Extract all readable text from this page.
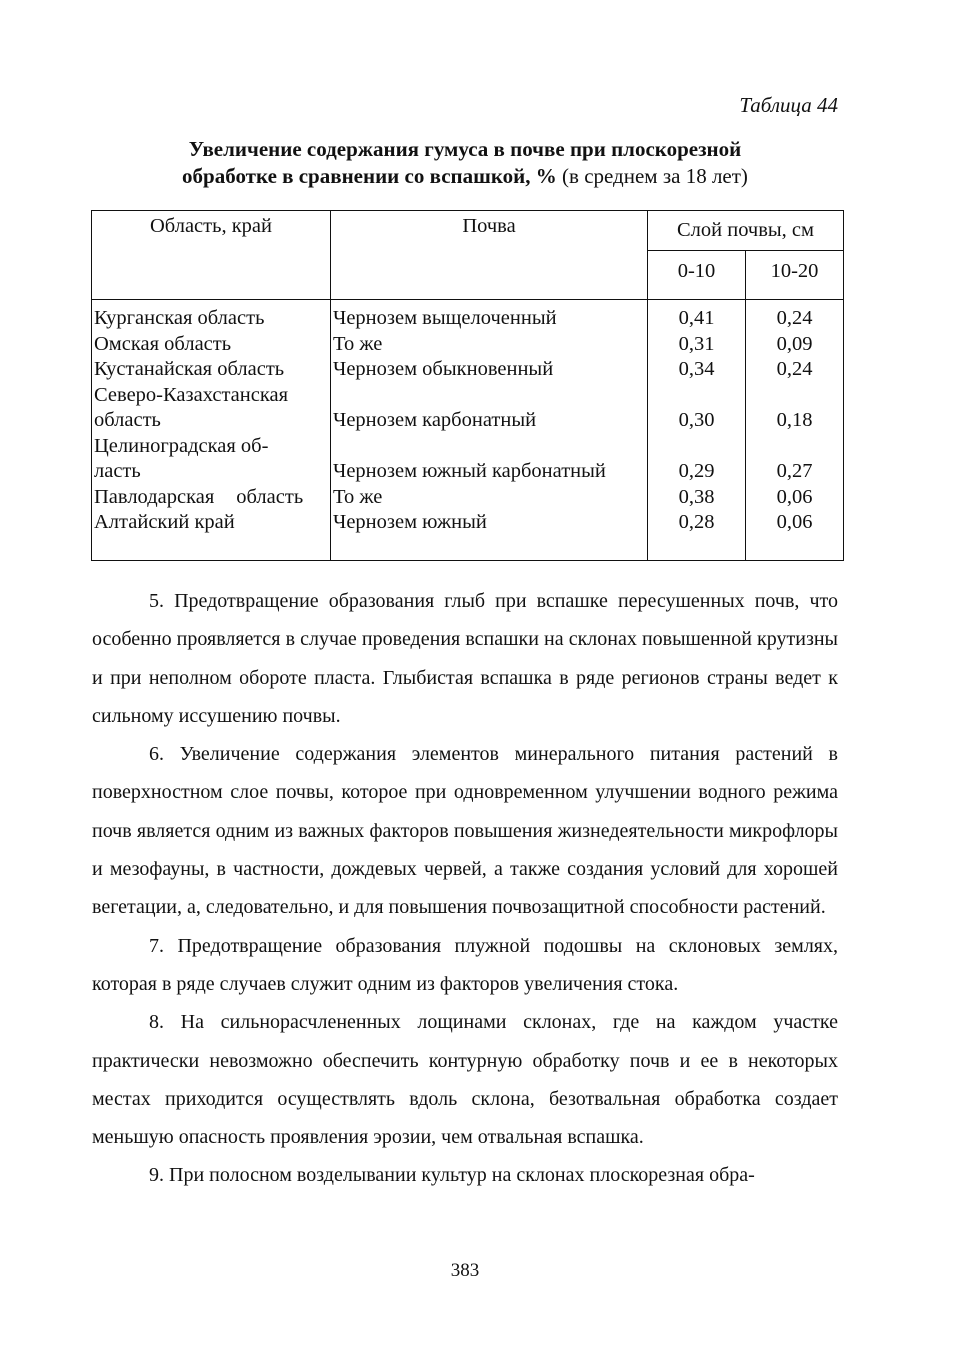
Таблица 44
Увеличение содержания гумуса в почве при плоскорезной обработке в сравнении со вспашкой, % (в среднем за 18 лет)
Область, край	Почва	Слой почвы, см	
		0-10	10-20

Курганская область	Чернозем выщелоченный	0,41	0,24

Омская область	То же	0,31	0,09

Кустанайская область	Чернозем обыкновенный	0,34	0,24

Северо-Казахстанская
область	Чернозем карбонатный	0,30	0,18

Целиноградская об-
ласть	Чернозем южный карбонатный	0,29	0,27

Павлодарская область	То же	0,38	0,06

Алтайский край	Чернозем южный	0,28	0,06

5. Предотвращение образования глыб при вспашке пересушенных почв, что особенно проявляется в случае проведения вспашки на склонах повышенной крутизны и при неполном обороте пласта. Глыбистая вспашка в ряде регионов страны ведет к сильному иссушению почвы.

6. Увеличение содержания элементов минерального питания растений в поверхностном слое почвы, которое при одновременном улучшении водного режима почв является одним из важных факторов повышения жизнедеятельности микрофлоры и мезофауны, в частности, дождевых червей, а также создания условий для хорошей вегетации, а, следовательно, и для повышения почвозащитной способности растений.

7. Предотвращение образования плужной подошвы на склоновых землях, которая в ряде случаев служит одним из факторов увеличения стока.

8. На сильнорасчлененных лощинами склонах, где на каждом участке практически невозможно обеспечить контурную обработку почв и ее в некоторых местах приходится осуществлять вдоль склона, безотвальная обработка создает меньшую опасность проявления эрозии, чем отвальная вспашка.

9. При полосном возделывании культур на склонах плоскорезная обра-

383
